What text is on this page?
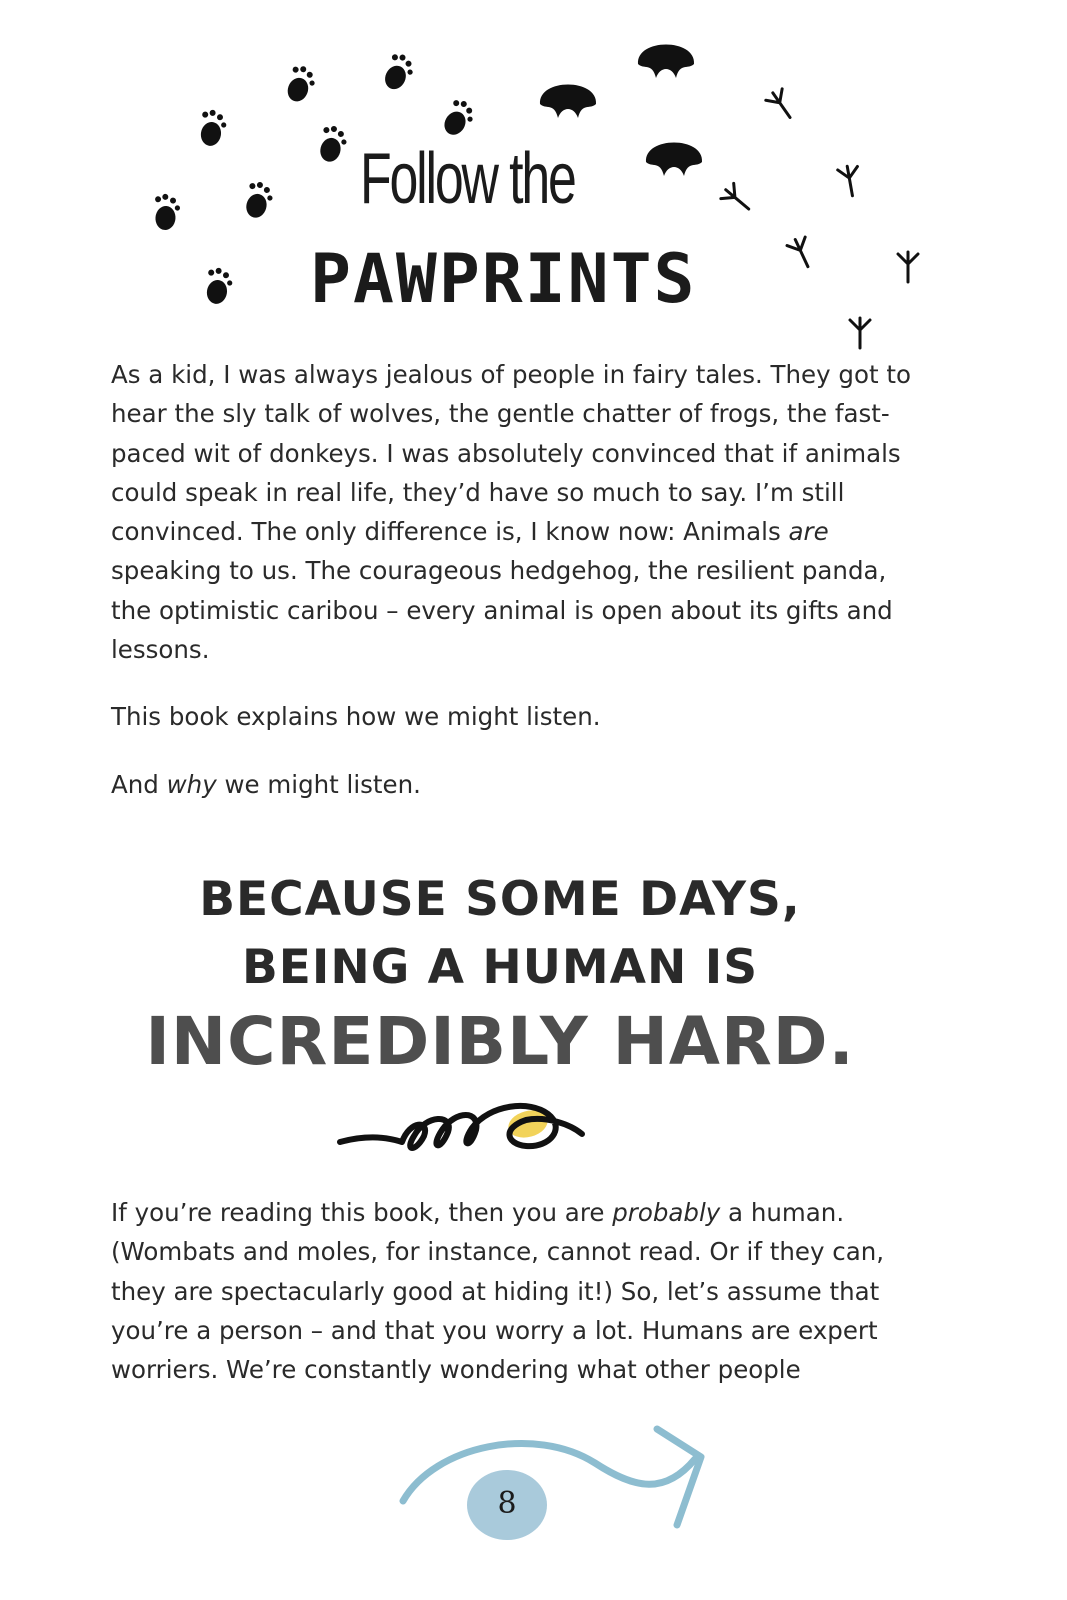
Follow the
PAWPRINTS

As a kid, I was always jealous of people in fairy tales. They got to hear the sly talk of wolves, the gentle chatter of frogs, the fast-paced wit of donkeys. I was absolutely convinced that if animals could speak in real life, they’d have so much to say. I’m still convinced. The only difference is, I know now: Animals are speaking to us. The courageous hedgehog, the resilient panda, the optimistic caribou – every animal is open about its gifts and lessons.

This book explains how we might listen.

And why we might listen.

BECAUSE SOME DAYS,
BEING A HUMAN IS
INCREDIBLY HARD.

If you’re reading this book, then you are probably a human. (Wombats and moles, for instance, cannot read. Or if they can, they are spectacularly good at hiding it!) So, let’s assume that you’re a person – and that you worry a lot. Humans are expert worriers. We’re constantly wondering what other people

8
